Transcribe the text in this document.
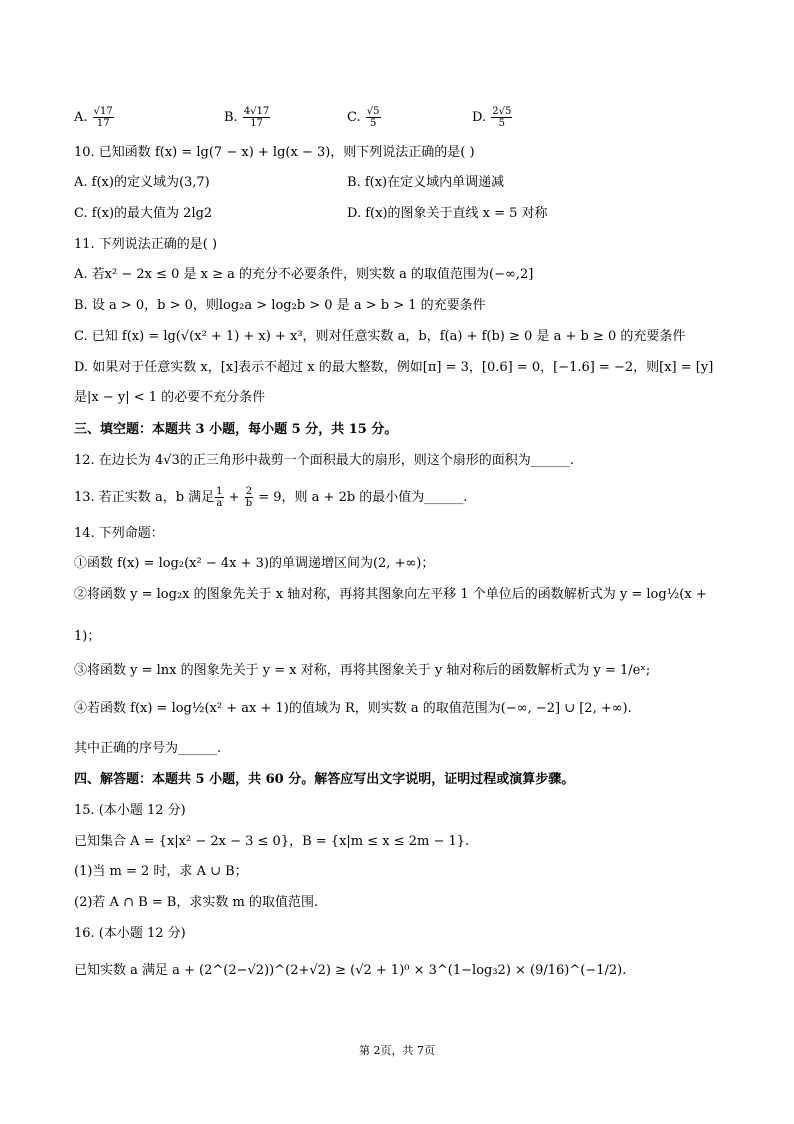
A. $\frac{√17}{17}$	B. $\frac{4√17}{17}$	C. $\frac{√5}{5}$	D. $\frac{2√5}{5}$
10. 已知函数 f(x) = lg(7 − x) + lg(x − 3)，则下列说法正确的是( )
A. f(x)的定义域为(3,7)	B. f(x)在定义域内单调递减
C. f(x)的最大值为 2lg2	D. f(x)的图象关于直线 x = 5 对称
11. 下列说法正确的是( )
A. 若x² − 2x ≤ 0 是 x ≥ a 的充分不必要条件，则实数 a 的取值范围为(−∞,2]
B. 设 a > 0，b > 0，则log₂a > log₂b > 0 是 a > b > 1 的充要条件
C. 已知 f(x) = lg(√(x² + 1) + x) + x³，则对任意实数 a，b，f(a) + f(b) ≥ 0 是 a + b ≥ 0 的充要条件
D. 如果对于任意实数 x，[x]表示不超过 x 的最大整数，例如[π] = 3，[0.6] = 0，[−1.6] = −2，则[x] = [y]
是|x − y| < 1 的必要不充分条件
三、填空题：本题共 3 小题，每小题 5 分，共 15 分。
12. 在边长为 4√3的正三角形中裁剪一个面积最大的扇形，则这个扇形的面积为______.
13. 若正实数 a，b 满足 $\frac{1}{a} + \frac{2}{b} = 9$，则 a + 2b 的最小值为______.
14. 下列命题：
①函数 f(x) = log₂(x² − 4x + 3)的单调递增区间为(2, +∞)；
②将函数 y = log₂x 的图象先关于 x 轴对称，再将其图象向左平移 1 个单位后的函数解析式为 y = log½(x +
1)；
③将函数 y = lnx 的图象先关于 y = x 对称，再将其图象关于 y 轴对称后的函数解析式为 y = 1/eˣ;
④若函数 f(x) = log½(x² + ax + 1)的值域为 R，则实数 a 的取值范围为(−∞, −2] ∪ [2, +∞).
其中正确的序号为______.
四、解答题：本题共 5 小题，共 60 分。解答应写出文字说明，证明过程或演算步骤。
15. (本小题 12 分)
已知集合 A = {x|x² − 2x − 3 ≤ 0}，B = {x|m ≤ x ≤ 2m − 1}.
(1)当 m = 2 时，求 A ∪ B；
(2)若 A ∩ B = B，求实数 m 的取值范围.
16. (本小题 12 分)
已知实数 a 满足 a + (2^(2−√2))^(2+√2) ≥ (√2 + 1)⁰ × 3^(1−log₃2) × (9/16)^(−1/2).
第 2页，共 7页
